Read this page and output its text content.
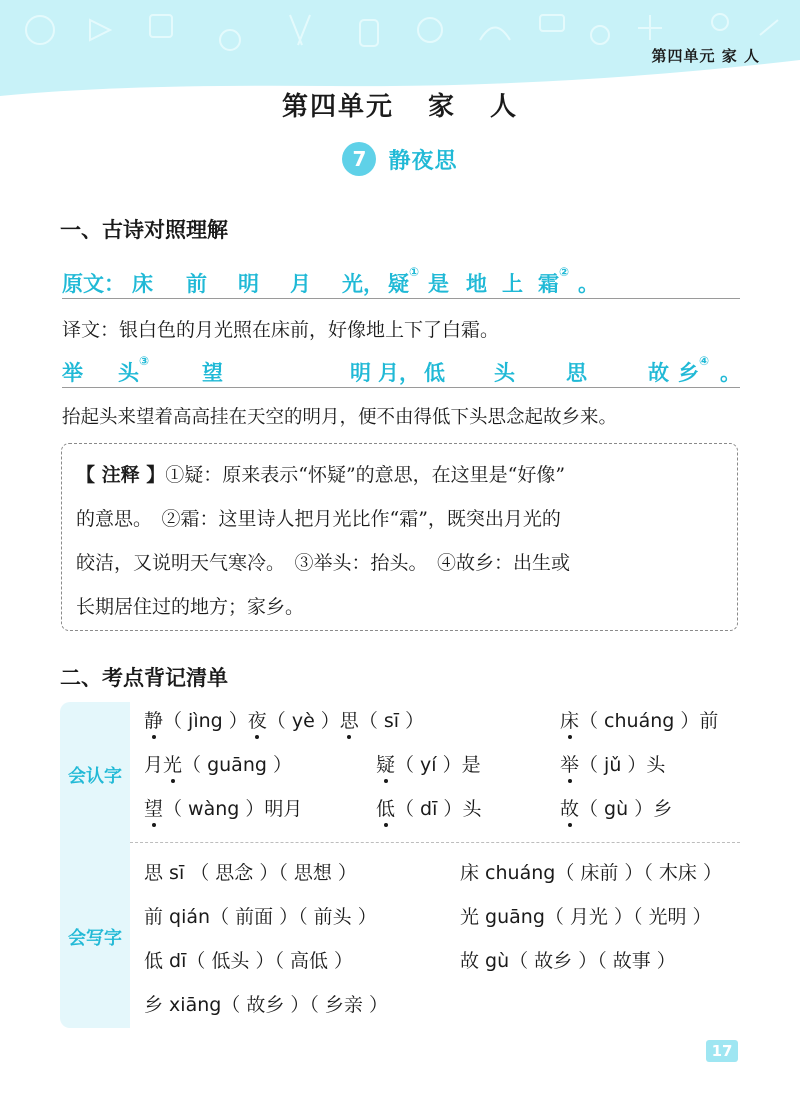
第四单元 家 人
第四单元 家 人
7	静夜思
一、古诗对照理解
原文： 床 前 明 月 光， 疑① 是 地 上 霜② 。
译文：银白色的月光照在床前，好像地上下了白霜。
举 头③	望	明 月， 低 头 思	故 乡④ 。
抬起头来望着高高挂在天空的明月，便不由得低下头思念起故乡来。
【 注释 】①疑：原来表示“怀疑”的意思，在这里是“好像”
的意思。　②霜：这里诗人把月光比作“霜”，既突出月光的
皎洁，又说明天气寒冷。　③举头：抬头。　④故乡：出生或
长期居住过的地方；家乡。
二、考点背记清单
会认字
会写字
静（ jìng ）夜（ yè ）思（ sī ）	床（ chuáng ）前
月光（ guāng ）	疑（ yí ）是	举（ jǔ ）头
望（ wàng ）明月	低（ dī ）头	故（ gù ）乡
思 sī （ 思念 ）（ 思想 ）	床 chuáng（ 床前 ）（ 木床 ）
前 qián（ 前面 ）（ 前头 ）	光 guāng（ 月光 ）（ 光明 ）
低 dī（ 低头 ）（ 高低 ）	故 gù（ 故乡 ）（ 故事 ）
乡 xiāng（ 故乡 ）（ 乡亲 ）
17
